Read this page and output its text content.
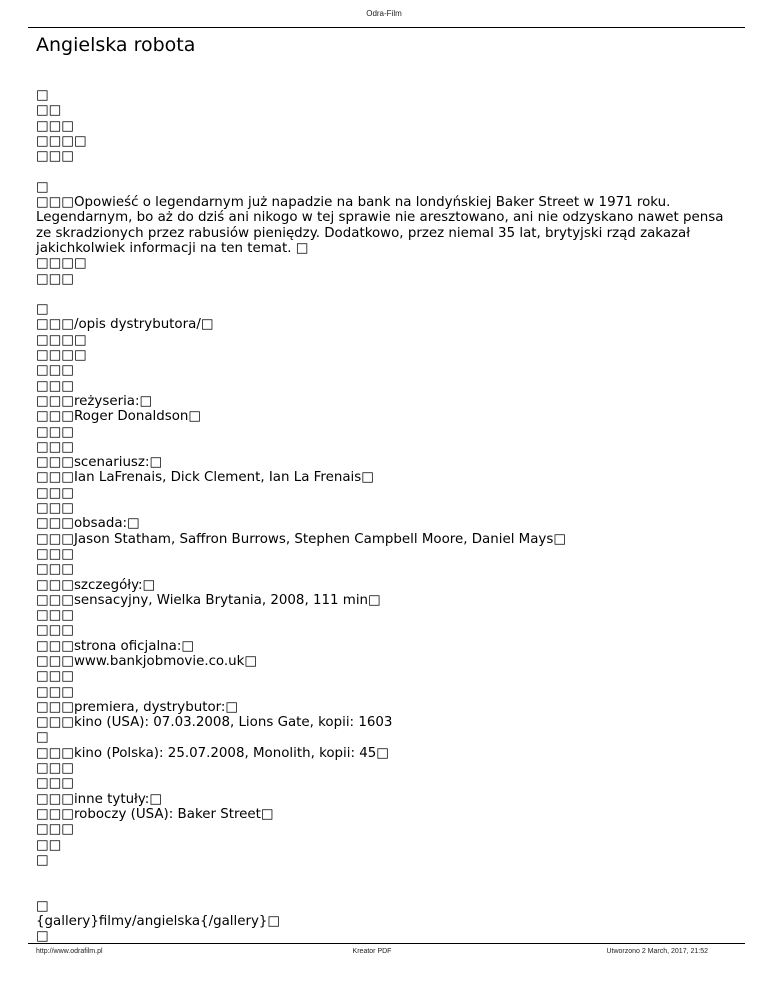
Odra-Film
Angielska robota
□
□□
□□□
□□□□
□□□
□
□□□Opowieść o legendarnym już napadzie na bank na londyńskiej Baker Street w 1971 roku. Legendarnym, bo aż do dziś ani nikogo w tej sprawie nie aresztowano, ani nie odzyskano nawet pensa ze skradzionych przez rabusiów pieniędzy. Dodatkowo, przez niemal 35 lat, brytyjski rząd zakazał jakichkolwiek informacji na ten temat. □
□□□□
□□□
□
□□□/opis dystrybutora/□
□□□□
□□□□
□□□
□□□
□□□reżyseria:□
□□□Roger Donaldson□
□□□
□□□
□□□scenariusz:□
□□□Ian LaFrenais, Dick Clement, Ian La Frenais□
□□□
□□□
□□□obsada:□
□□□Jason Statham, Saffron Burrows, Stephen Campbell Moore, Daniel Mays□
□□□
□□□
□□□szczegóły:□
□□□sensacyjny, Wielka Brytania, 2008, 111 min□
□□□
□□□
□□□strona oficjalna:□
□□□www.bankjobmovie.co.uk□
□□□
□□□
□□□premiera, dystrybutor:□
□□□kino (USA): 07.03.2008, Lions Gate, kopii: 1603
□
□□□kino (Polska): 25.07.2008, Monolith, kopii: 45□
□□□
□□□
□□□inne tytuły:□
□□□roboczy (USA): Baker Street□
□□□
□□
□
□
{gallery}filmy/angielska{/gallery}□
□
http://www.odrafilm.pl	Kreator PDF	Utworzono 2 March, 2017, 21:52
